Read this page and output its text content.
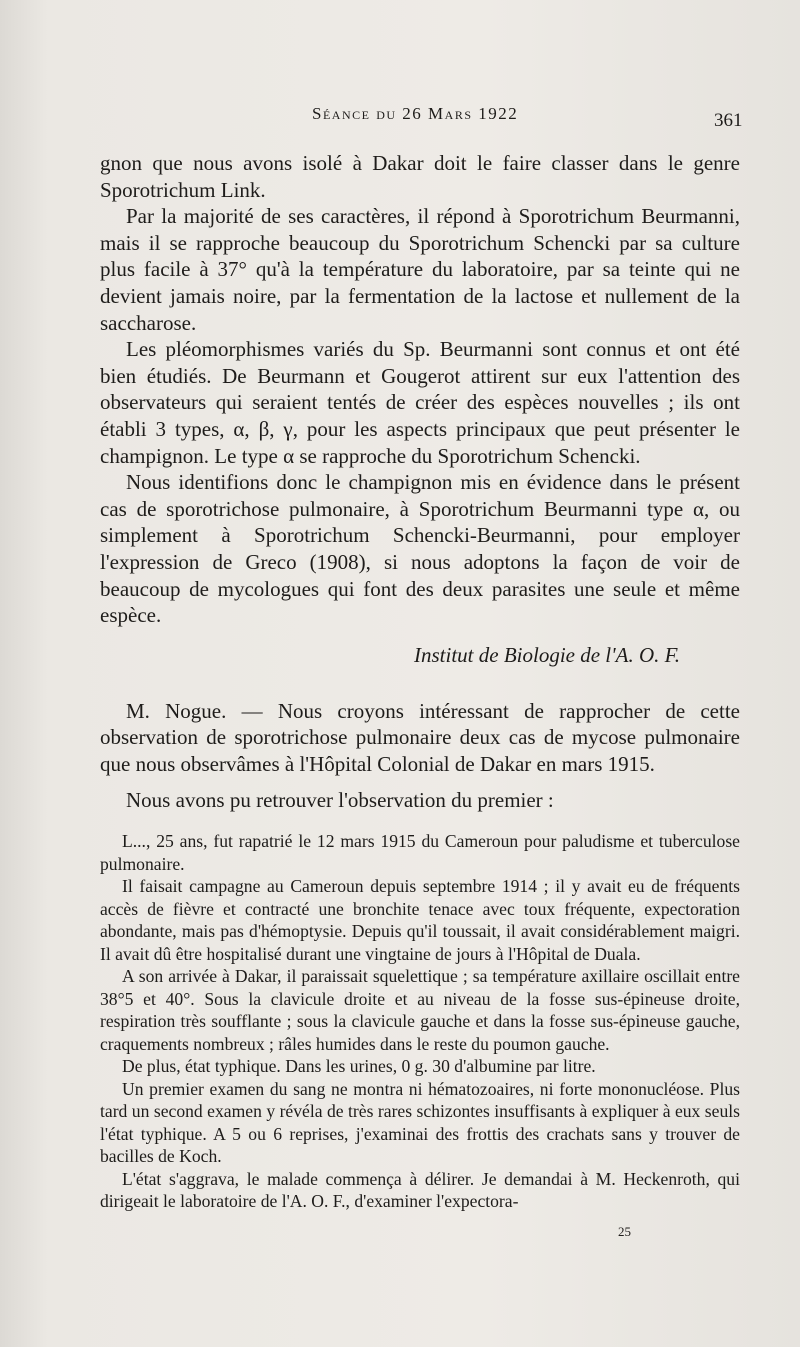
Séance du 26 Mars 1922	361

gnon que nous avons isolé à Dakar doit le faire classer dans le genre Sporotrichum Link.

Par la majorité de ses caractères, il répond à Sporotrichum Beurmanni, mais il se rapproche beaucoup du Sporotrichum Schencki par sa culture plus facile à 37° qu'à la température du laboratoire, par sa teinte qui ne devient jamais noire, par la fermentation de la lactose et nullement de la saccharose.

Les pléomorphismes variés du Sp. Beurmanni sont connus et ont été bien étudiés. De Beurmann et Gougerot attirent sur eux l'attention des observateurs qui seraient tentés de créer des espèces nouvelles ; ils ont établi 3 types, α, β, γ, pour les aspects principaux que peut présenter le champignon. Le type α se rapproche du Sporotrichum Schencki.

Nous identifions donc le champignon mis en évidence dans le présent cas de sporotrichose pulmonaire, à Sporotrichum Beurmanni type α, ou simplement à Sporotrichum Schencki-Beurmanni, pour employer l'expression de Greco (1908), si nous adoptons la façon de voir de beaucoup de mycologues qui font des deux parasites une seule et même espèce.

Institut de Biologie de l'A. O. F.

M. Nogue. — Nous croyons intéressant de rapprocher de cette observation de sporotrichose pulmonaire deux cas de mycose pulmonaire que nous observâmes à l'Hôpital Colonial de Dakar en mars 1915.

Nous avons pu retrouver l'observation du premier :

L..., 25 ans, fut rapatrié le 12 mars 1915 du Cameroun pour paludisme et tuberculose pulmonaire.

Il faisait campagne au Cameroun depuis septembre 1914 ; il y avait eu de fréquents accès de fièvre et contracté une bronchite tenace avec toux fréquente, expectoration abondante, mais pas d'hémoptysie. Depuis qu'il toussait, il avait considérablement maigri. Il avait dû être hospitalisé durant une vingtaine de jours à l'Hôpital de Duala.

A son arrivée à Dakar, il paraissait squelettique ; sa température axillaire oscillait entre 38°5 et 40°. Sous la clavicule droite et au niveau de la fosse sus-épineuse droite, respiration très soufflante ; sous la clavicule gauche et dans la fosse sus-épineuse gauche, craquements nombreux ; râles humides dans le reste du poumon gauche.

De plus, état typhique. Dans les urines, 0 g. 30 d'albumine par litre.

Un premier examen du sang ne montra ni hématozoaires, ni forte mononucléose. Plus tard un second examen y révéla de très rares schizontes insuffisants à expliquer à eux seuls l'état typhique. A 5 ou 6 reprises, j'examinai des frottis des crachats sans y trouver de bacilles de Koch.

L'état s'aggrava, le malade commença à délirer. Je demandai à M. Heckenroth, qui dirigeait le laboratoire de l'A. O. F., d'examiner l'expectora-

25
